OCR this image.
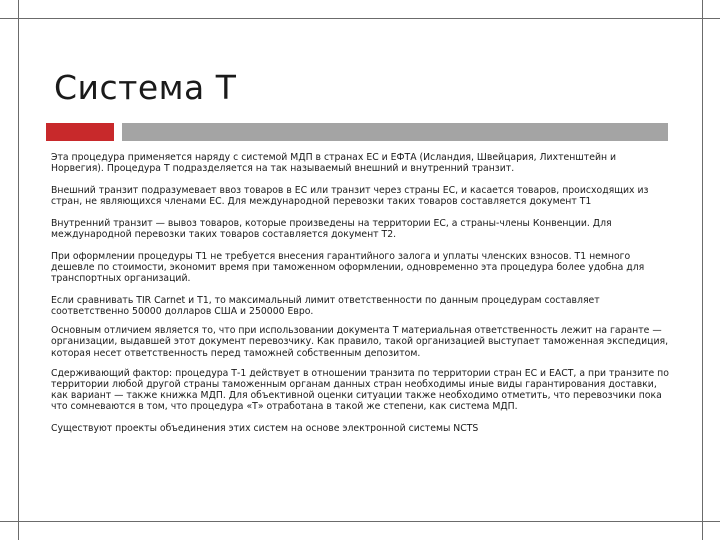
Система Т
Эта процедура применяется наряду с системой МДП в странах ЕС и ЕФТА (Исландия, Швейцария, Лихтенштейн и Норвегия). Процедура Т подразделяется на так называемый внешний и внутренний транзит.
Внешний транзит подразумевает ввоз товаров в ЕС или транзит через страны ЕС, и касается товаров, происходящих из стран, не являющихся членами ЕС. Для международной перевозки таких товаров составляется документ Т1
Внутренний транзит — вывоз товаров, которые произведены на территории ЕС, а страны-члены Конвенции. Для международной перевозки таких товаров составляется документ Т2.
При оформлении процедуры Т1 не требуется внесения гарантийного залога и уплаты членских взносов. Т1 немного дешевле по стоимости, экономит время при таможенном оформлении, одновременно эта процедура более удобна для транспортных организаций.
Если сравнивать TIR Carnet и Т1, то максимальный лимит ответственности по данным процедурам составляет соответственно 50000 долларов США и 250000 Евро.
Основным отличием является то, что при использовании документа Т материальная ответственность лежит на гаранте — организации, выдавшей этот документ перевозчику. Как правило, такой организацией выступает таможенная экспедиция, которая несет ответственность перед таможней собственным депозитом.
Сдерживающий фактор: процедура Т-1 действует в отношении транзита по территории стран ЕС и ЕАСТ, а при транзите по территории любой другой страны таможенным органам данных стран необходимы иные виды гарантирования доставки, как вариант — также книжка МДП. Для объективной оценки ситуации также необходимо отметить, что перевозчики пока что сомневаются в том, что процедура «Т» отработана в такой же степени, как система МДП.
Существуют проекты объединения этих систем на основе электронной системы NCTS
